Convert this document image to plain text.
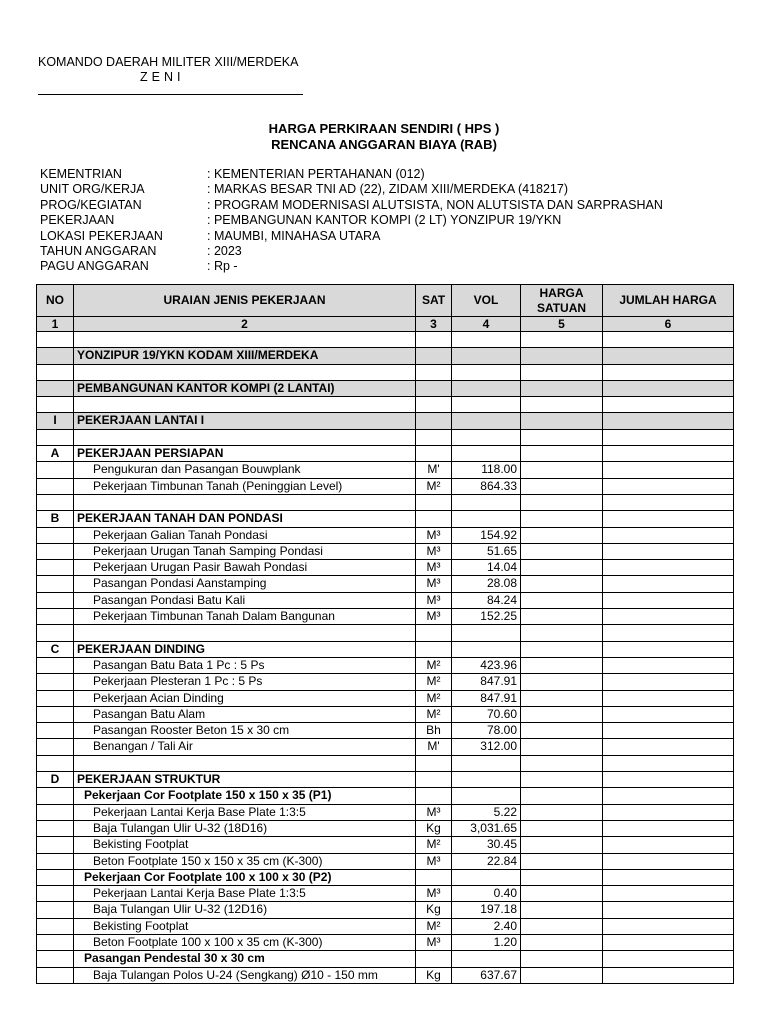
KOMANDO DAERAH MILITER XIII/MERDEKA
ZENI
HARGA PERKIRAAN SENDIRI ( HPS )
RENCANA ANGGARAN BIAYA (RAB)
KEMENTRIAN	: KEMENTERIAN PERTAHANAN (012)
UNIT ORG/KERJA	: MARKAS BESAR TNI AD (22), ZIDAM XIII/MERDEKA (418217)
PROG/KEGIATAN	: PROGRAM MODERNISASI ALUTSISTA, NON ALUTSISTA DAN SARPRASHAN
PEKERJAAN	: PEMBANGUNAN KANTOR KOMPI (2 LT) YONZIPUR 19/YKN
LOKASI PEKERJAAN	: MAUMBI, MINAHASA UTARA
TAHUN ANGGARAN	: 2023
PAGU ANGGARAN	: Rp -
NO	URAIAN JENIS PEKERJAAN	SAT	VOL	HARGA SATUAN	JUMLAH HARGA
1	2	3	4	5	6

	YONZIPUR 19/YKN KODAM XIII/MERDEKA				

	PEMBANGUNAN KANTOR KOMPI (2 LANTAI)				

I	PEKERJAAN LANTAI I				

A	PEKERJAAN PERSIAPAN				
	Pengukuran dan Pasangan Bouwplank	M'	118.00		
	Pekerjaan Timbunan Tanah (Peninggian Level)	M²	864.33		

B	PEKERJAAN TANAH DAN PONDASI				
	Pekerjaan Galian Tanah Pondasi	M³	154.92		
	Pekerjaan Urugan Tanah Samping Pondasi	M³	51.65		
	Pekerjaan Urugan Pasir Bawah Pondasi	M³	14.04		
	Pasangan Pondasi Aanstamping	M³	28.08		
	Pasangan Pondasi Batu Kali	M³	84.24		
	Pekerjaan Timbunan Tanah Dalam Bangunan	M³	152.25		

C	PEKERJAAN DINDING				
	Pasangan Batu Bata 1 Pc : 5 Ps	M²	423.96		
	Pekerjaan Plesteran 1 Pc : 5 Ps	M²	847.91		
	Pekerjaan Acian Dinding	M²	847.91		
	Pasangan Batu Alam	M²	70.60		
	Pasangan Rooster Beton 15 x 30 cm	Bh	78.00		
	Benangan / Tali Air	M'	312.00		

D	PEKERJAAN STRUKTUR				
	Pekerjaan Cor Footplate 150 x 150 x 35 (P1)				
	Pekerjaan Lantai Kerja Base Plate 1:3:5	M³	5.22		
	Baja Tulangan Ulir U-32 (18D16)	Kg	3,031.65		
	Bekisting Footplat	M²	30.45		
	Beton Footplate 150 x 150 x 35 cm (K-300)	M³	22.84		
	Pekerjaan Cor Footplate 100 x 100 x 30 (P2)				
	Pekerjaan Lantai Kerja Base Plate 1:3:5	M³	0.40		
	Baja Tulangan Ulir U-32 (12D16)	Kg	197.18		
	Bekisting Footplat	M²	2.40		
	Beton Footplate 100 x 100 x 35 cm (K-300)	M³	1.20		
	Pasangan Pendestal 30 x 30 cm				
	Baja Tulangan Polos U-24 (Sengkang) Ø10 - 150 mm	Kg	637.67		
